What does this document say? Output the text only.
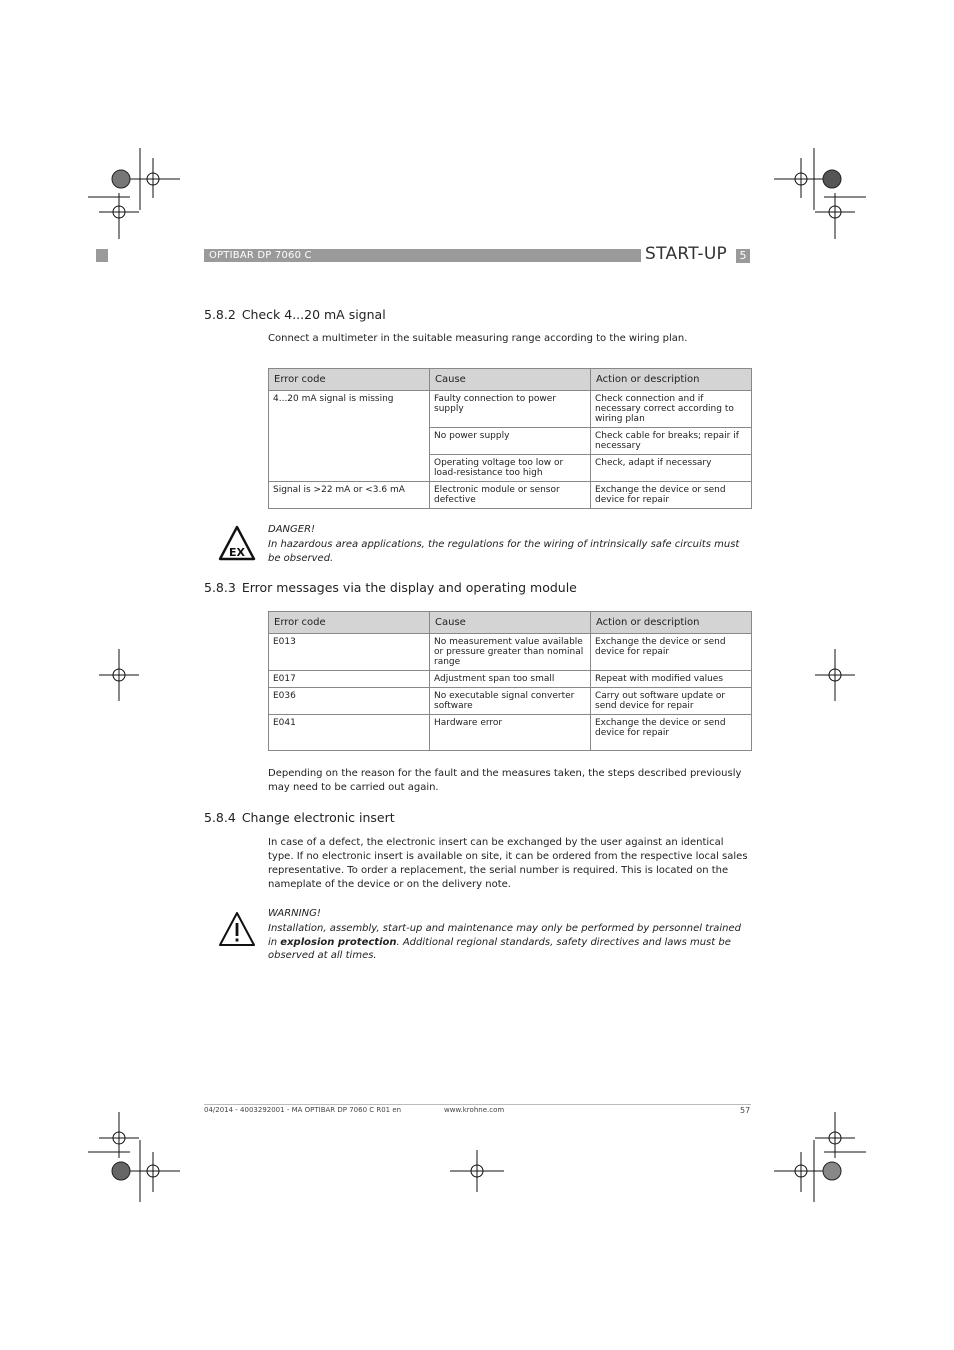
OPTIBAR DP 7060 C	START-UP	5
5.8.2 Check 4...20 mA signal

Connect a multimeter in the suitable measuring range according to the wiring plan.

Error code	Cause	Action or description
4...20 mA signal is missing	Faulty connection to power supply	Check connection and if necessary correct according to wiring plan
	No power supply	Check cable for breaks; repair if necessary
	Operating voltage too low or load-resistance too high	Check, adapt if necessary
Signal is >22 mA or <3.6 mA	Electronic module or sensor defective	Exchange the device or send device for repair
EX

DANGER!

In hazardous area applications, the regulations for the wiring of intrinsically safe circuits must be observed.

5.8.3 Error messages via the display and operating module
Error code	Cause	Action or description
E013	No measurement value available or pressure greater than nominal range	Exchange the device or send device for repair
E017	Adjustment span too small	Repeat with modified values
E036	No executable signal converter software	Carry out software update or send device for repair
E041	Hardware error	Exchange the device or send device for repair

Depending on the reason for the fault and the measures taken, the steps described previously may need to be carried out again.

5.8.4 Change electronic insert

In case of a defect, the electronic insert can be exchanged by the user against an identical type. If no electronic insert is available on site, it can be ordered from the respective local sales representative. To order a replacement, the serial number is required. This is located on the nameplate of the device or on the delivery note.

WARNING!

Installation, assembly, start-up and maintenance may only be performed by personnel trained in explosion protection. Additional regional standards, safety directives and laws must be observed at all times.

04/2014 - 4003292001 - MA OPTIBAR DP 7060 C R01 en	www.krohne.com	57
